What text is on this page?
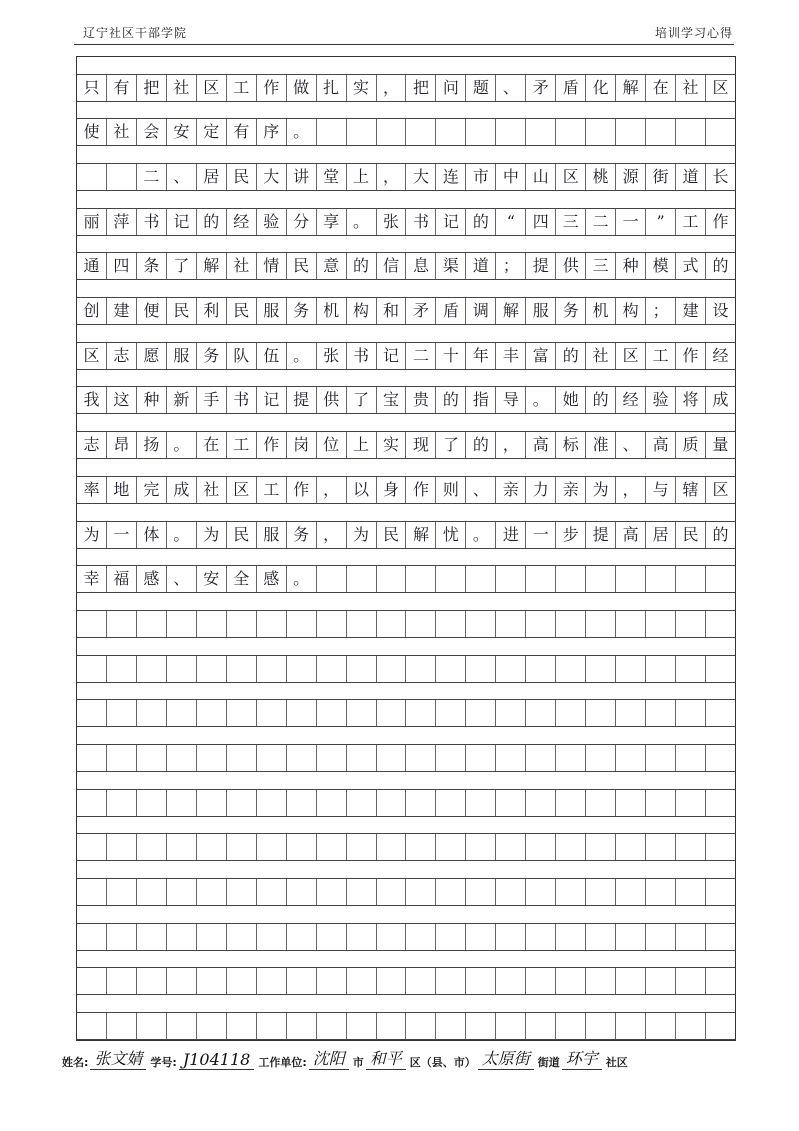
辽宁社区干部学院	培训学习心得
只 有 把 社 区 工 作 做 扎 实 ， 把 问 题 、 矛 盾 化 解 在 社 区
使 社 会 安 定 有 序 。

二 、 居 民 大 讲 堂 上 ， 大 连 市 中 山 区 桃 源 街 道 长
丽 萍 书 记 的 经 验 分 享 。 张 书 记 的	“	四 三 二 一	”	工 作
通 四 条 了 解 社 情 民 意 的 信 息 渠 道 ； 提 供 三 种 模 式 的
创 建 便 民 利 民 服 务 机 构 和 矛 盾 调 解 服 务 机 构 ； 建 设
区 志 愿 服 务 队 伍 。 张 书 记 二 十 年 丰 富 的 社 区 工 作 经
我 这 种 新 手 书 记 提 供 了 宝 贵 的 指 导 。 她 的 经 验 将 成
志 昂 扬 。 在 工 作 岗 位 上 实 现 了 的 ， 高 标 准 、 高 质 量
率 地 完 成 社 区 工 作 ， 以 身 作 则 、 亲 力 亲 为 ， 与 辖 区
为 一 体 。 为 民 服 务 ， 为 民 解 忧 。 进 一 步 提 高 居 民 的
幸 福 感 、 安 全 感 。
姓名: 张文婧 学号: J104118 工作单位: 沈阳 市 和平 区（县、市） 太原街 街道 环宇 社区
